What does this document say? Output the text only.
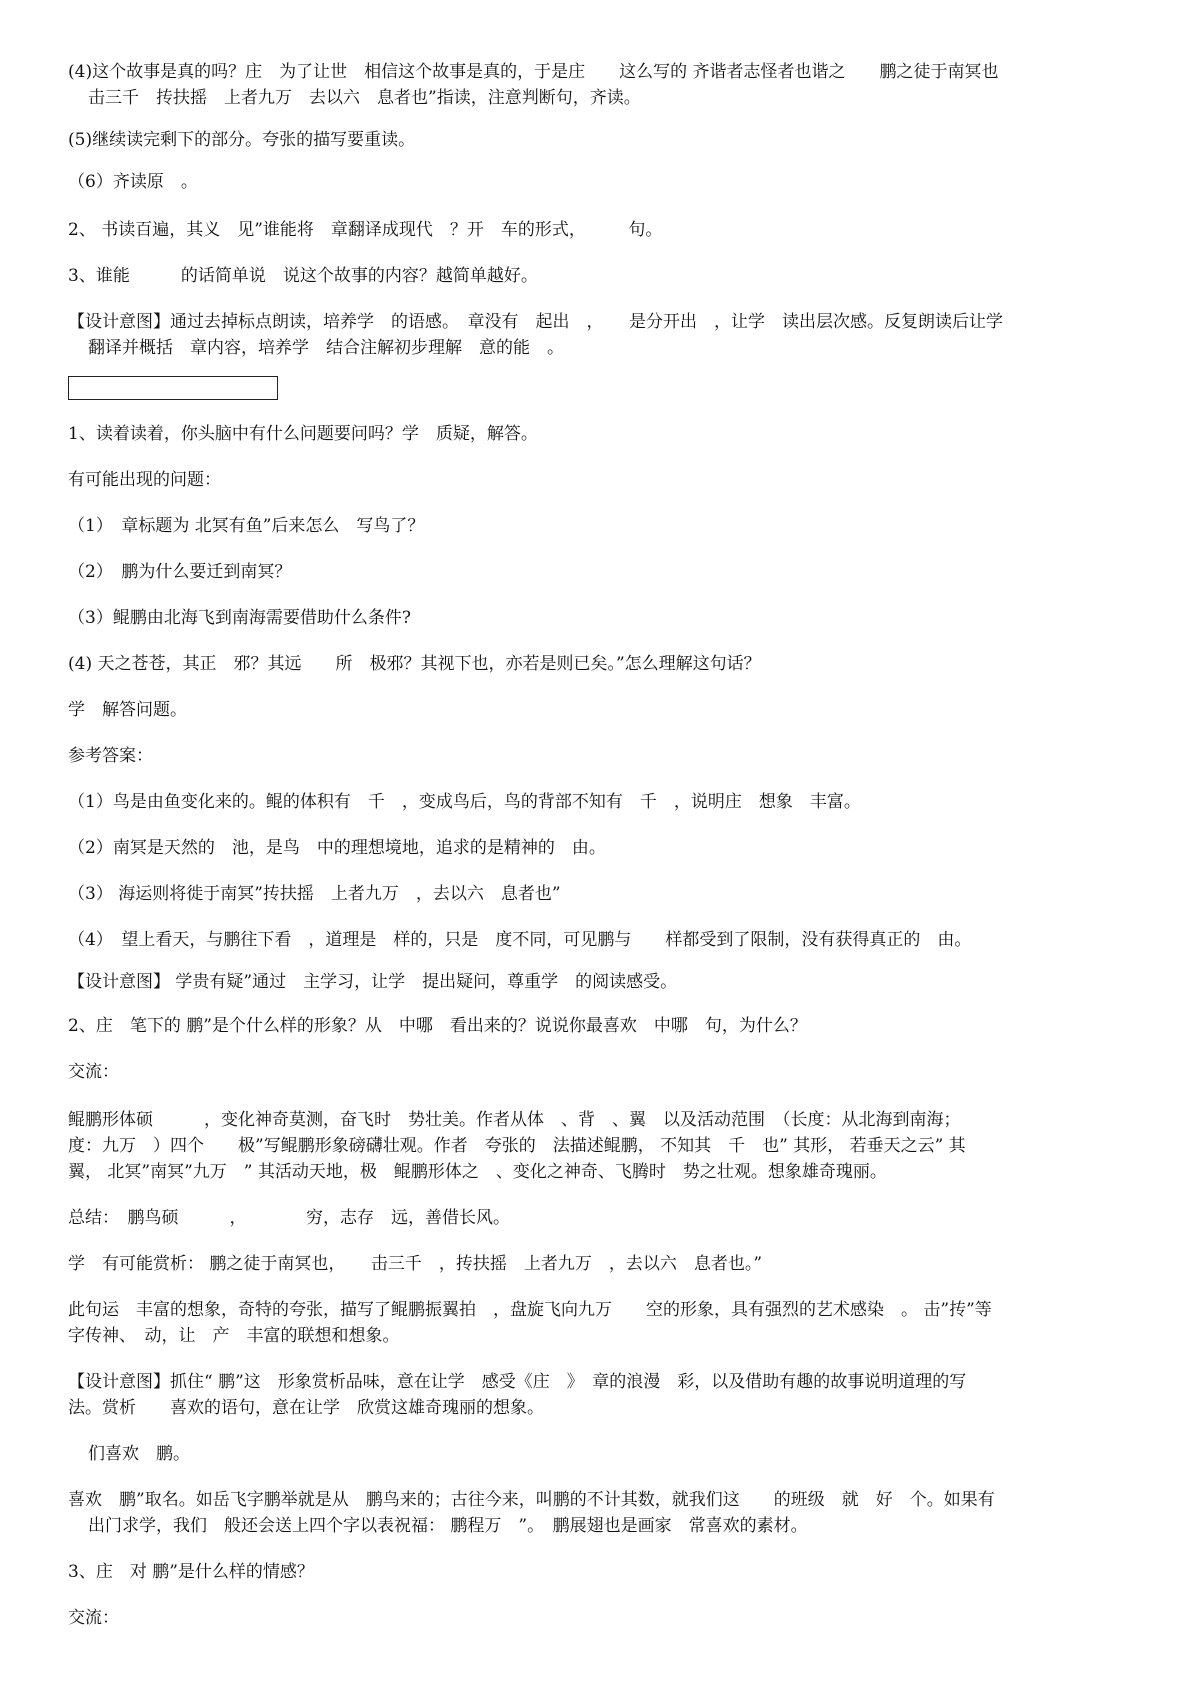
(4)这个故事是真的吗？庄　为了让世　相信这个故事是真的，于是庄　　这么写的 齐谐者志怪者也谐之　　鹏之徒于南冥也
击三千　抟扶摇　上者九万　去以六　息者也”指读，注意判断句，齐读。
(5)继续读完剩下的部分。夸张的描写要重读。
（6）齐读原　。
2、 书读百遍，其义　见”谁能将　章翻译成现代　？开　车的形式，　　　句。
3、谁能　　　的话简单说　说这个故事的内容？越简单越好。
【设计意图】通过去掉标点朗读，培养学　的语感。　章没有　起出　，　　是分开出　，让学　读出层次感。反复朗读后让学
翻译并概括　章内容，培养学　结合注解初步理解　意的能　。
1、读着读着，你头脑中有什么问题要问吗？学　质疑，解答。
有可能出现的问题：
（1）　章标题为 北冥有鱼”后来怎么　写鸟了？
（2）　鹏为什么要迁到南冥？
（3）鲲鹏由北海飞到南海需要借助什么条件?
(4) 天之苍苍，其正　邪？其远　　所　极邪？其视下也，亦若是则已矣。”怎么理解这句话？
学　解答问题。
参考答案：
（1）鸟是由鱼变化来的。鲲的体积有　千　，变成鸟后，鸟的背部不知有　千　，说明庄　想象　丰富。
（2）南冥是天然的　池，是鸟　中的理想境地，追求的是精神的　由。
（3） 海运则将徙于南冥”抟扶摇　上者九万　，去以六　息者也”
（4）　望上看天，与鹏往下看　，道理是　样的，只是　度不同，可见鹏与　　样都受到了限制，没有获得真正的　由。
【设计意图】 学贵有疑”通过　主学习，让学　提出疑问，尊重学　的阅读感受。
2、庄　笔下的 鹏”是个什么样的形象？从　中哪　看出来的？说说你最喜欢　中哪　句，为什么？
交流：
鲲鹏形体硕　　　，变化神奇莫测，奋飞时　势壮美。作者从体　、背　、翼　以及活动范围　（长度：从北海到南海；
度：九万　）四个　　极”写鲲鹏形象磅礴壮观。作者　夸张的　法描述鲲鹏， 不知其　千　也” 其形， 若垂天之云” 其
翼， 北冥”南冥”九万　” 其活动天地，极　鲲鹏形体之　、变化之神奇、飞腾时　势之壮观。想象雄奇瑰丽。
总结：　鹏鸟硕　　　，　　　　穷，志存　远，善借长风。
学　有可能赏析： 鹏之徒于南冥也，　　击三千　，抟扶摇　上者九万　，去以六　息者也。”
此句运　丰富的想象，奇特的夸张，描写了鲲鹏振翼拍　，盘旋飞向九万　　空的形象，具有强烈的艺术感染　。 击”抟”等
字传神、　动，让　产　丰富的联想和想象。
【设计意图】抓住“ 鹏”这　形象赏析品味，意在让学　感受《庄　》　章的浪漫　彩，以及借助有趣的故事说明道理的写
法。赏析　　喜欢的语句，意在让学　欣赏这雄奇瑰丽的想象。
们喜欢　鹏。
喜欢　鹏”取名。如岳飞字鹏举就是从　鹏鸟来的；古往今来，叫鹏的不计其数，就我们这　　的班级　就　好　个。如果有
出门求学，我们　般还会送上四个字以表祝福： 鹏程万　”。　鹏展翅也是画家　常喜欢的素材。
3、庄　对 鹏”是什么样的情感？
交流：
